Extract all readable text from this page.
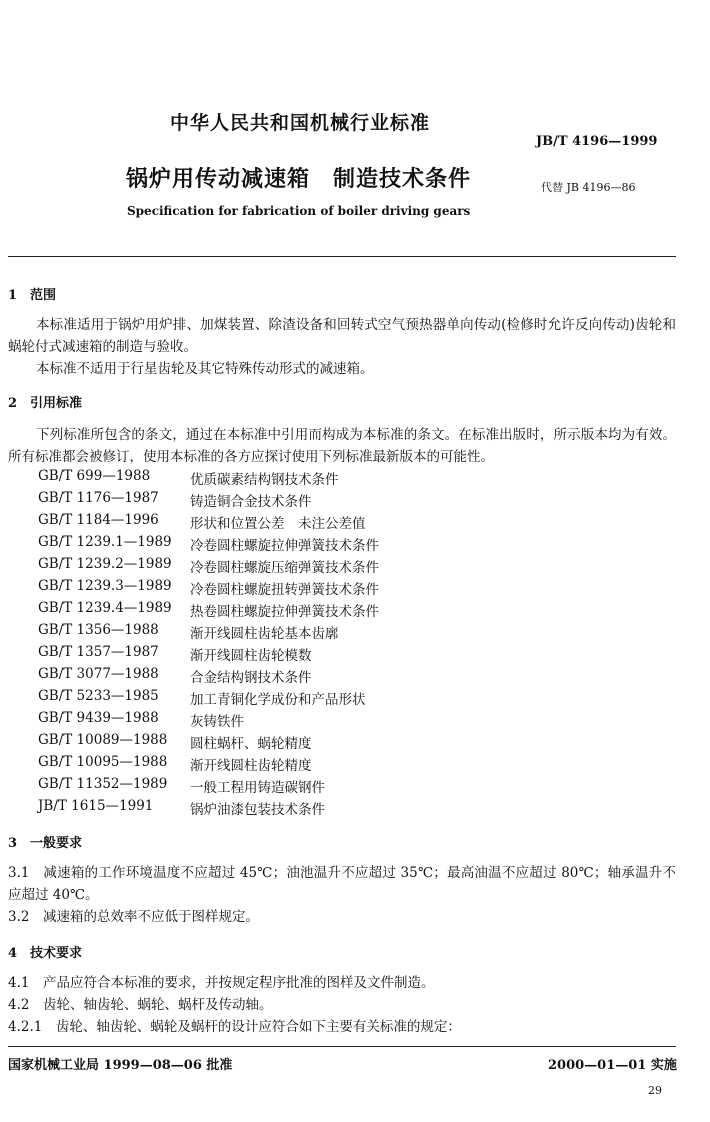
中华人民共和国机械行业标准
JB/T 4196—1999
锅炉用传动减速箱　制造技术条件	代替 JB 4196—86
Specification for fabrication of boiler driving gears
1　范围
本标准适用于锅炉用炉排、加煤装置、除渣设备和回转式空气预热器单向传动(检修时允许反向传动)齿轮和蜗轮付式减速箱的制造与验收。
本标准不适用于行星齿轮及其它特殊传动形式的减速箱。
2　引用标准
下列标准所包含的条文，通过在本标准中引用而构成为本标准的条文。在标准出版时，所示版本均为有效。所有标准都会被修订，使用本标准的各方应探讨使用下列标准最新版本的可能性。
GB/T 699—1988	优质碳素结构钢技术条件
GB/T 1176—1987 铸造铜合金技术条件
GB/T 1184—1996 形状和位置公差　未注公差值
GB/T 1239.1—1989 冷卷圆柱螺旋拉伸弹簧技术条件
GB/T 1239.2—1989 冷卷圆柱螺旋压缩弹簧技术条件
GB/T 1239.3—1989 冷卷圆柱螺旋扭转弹簧技术条件
GB/T 1239.4—1989 热卷圆柱螺旋拉伸弹簧技术条件
GB/T 1356—1988 渐开线圆柱齿轮基本齿廓
GB/T 1357—1987 渐开线圆柱齿轮模数
GB/T 3077—1988 合金结构钢技术条件
GB/T 5233—1985 加工青铜化学成份和产品形状
GB/T 9439—1988 灰铸铁件
GB/T 10089—1988 圆柱蜗杆、蜗轮精度
GB/T 10095—1988 渐开线圆柱齿轮精度
GB/T 11352—1989 一般工程用铸造碳钢件
JB/T 1615—1991	锅炉油漆包装技术条件
3　一般要求
3.1　减速箱的工作环境温度不应超过 45℃；油池温升不应超过 35℃；最高油温不应超过 80℃；轴承温升不应超过 40℃。
3.2　减速箱的总效率不应低于图样规定。
4　技术要求
4.1　产品应符合本标准的要求，并按规定程序批准的图样及文件制造。
4.2　齿轮、轴齿轮、蜗轮、蜗杆及传动轴。
4.2.1　齿轮、轴齿轮、蜗轮及蜗杆的设计应符合如下主要有关标准的规定：
国家机械工业局 1999—08—06 批准	2000—01—01 实施
29
